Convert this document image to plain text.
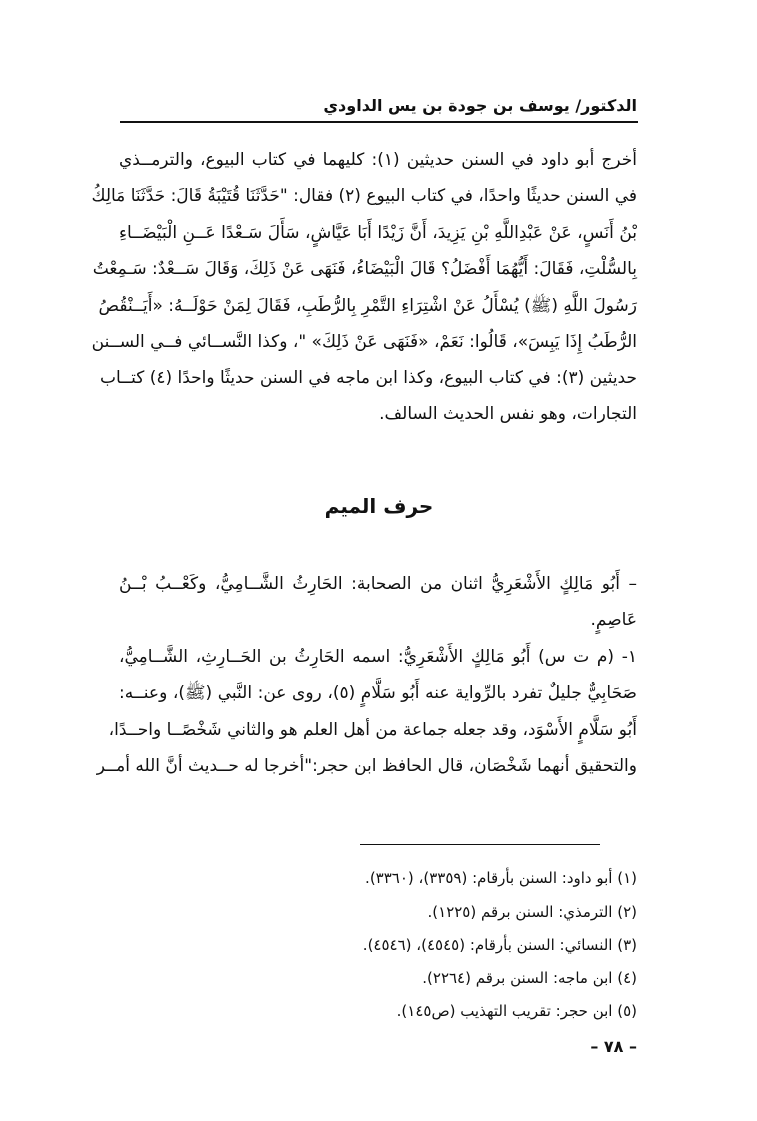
الدكتور/ يوسف بن جودة بن يس الداودي
أخرج أبو داود في السنن حديثين (١): كليهما في كتاب البيوع، والترمــذي
في السنن حديثًا واحدًا، في كتاب البيوع (٢) فقال: "حَدَّثَنَا قُتَيْبَةُ قَالَ: حَدَّثَنَا مَالِكُ
بْنُ أَنَسٍ، عَنْ عَبْدِاللَّهِ بْنِ يَزِيدَ، أَنَّ زَيْدًا أَبَا عَيَّاشٍ، سَأَلَ سَـعْدًا عَــنِ الْبَيْضَــاءِ
بِالسُّلْتِ، فَقَالَ: أَيُّهُمَا أَفْضَلُ؟ قَالَ الْبَيْضَاءُ، فَنَهَى عَنْ ذَلِكَ، وَقَالَ سَــعْدٌ: سَـمِعْتُ
رَسُولَ اللَّهِ (ﷺ) يُسْأَلُ عَنْ اشْتِرَاءِ التَّمْرِ بِالرُّطَبِ، فَقَالَ لِمَنْ حَوْلَــهُ: «أَيَــنْقُصُ
الرُّطَبُ إِذَا يَبِسَ»، قَالُوا: نَعَمْ، «فَنَهَى عَنْ ذَلِكَ» "، وكذا النَّســائي فــي الســنن
حديثين (٣): في كتاب البيوع، وكذا ابن ماجه في السنن حديثًا واحدًا (٤) كتــاب
التجارات، وهو نفس الحديث السالف.
حرف الميم
– أَبُو مَالِكٍ الأَشْعَرِيُّ اثنان من الصحابة: الحَارِثُ الشَّــامِيُّ، وكَعْــبُ بْــنُ
عَاصِمٍ.
١- (م ت س) أَبُو مَالِكٍ الأَشْعَرِيُّ: اسمه الحَارِثُ بن الحَــارِثِ، الشَّــامِيُّ،
صَحَابِيٌّ جليلٌ تفرد بالرِّواية عنه أَبُو سَلَّامٍ (٥)، روى عن: النَّبي (ﷺ)، وعنــه:
أَبُو سَلَّامٍ الأَسْوَد، وقد جعله جماعة من أهل العلم هو والثاني شَخْصًــا واحــدًا،
والتحقيق أنهما شَخْصَان، قال الحافظ ابن حجر:"أخرجا له حــديث أنَّ الله أمــر
(١) أبو داود: السنن بأرقام: (٣٣٥٩)، (٣٣٦٠).
(٢) الترمذي: السنن برقم (١٢٢٥).
(٣) النسائي: السنن بأرقام: (٤٥٤٥)، (٤٥٤٦).
(٤) ابن ماجه: السنن برقم (٢٢٦٤).
(٥) ابن حجر: تقريب التهذيب (ص١٤٥).
– ٧٨ –
